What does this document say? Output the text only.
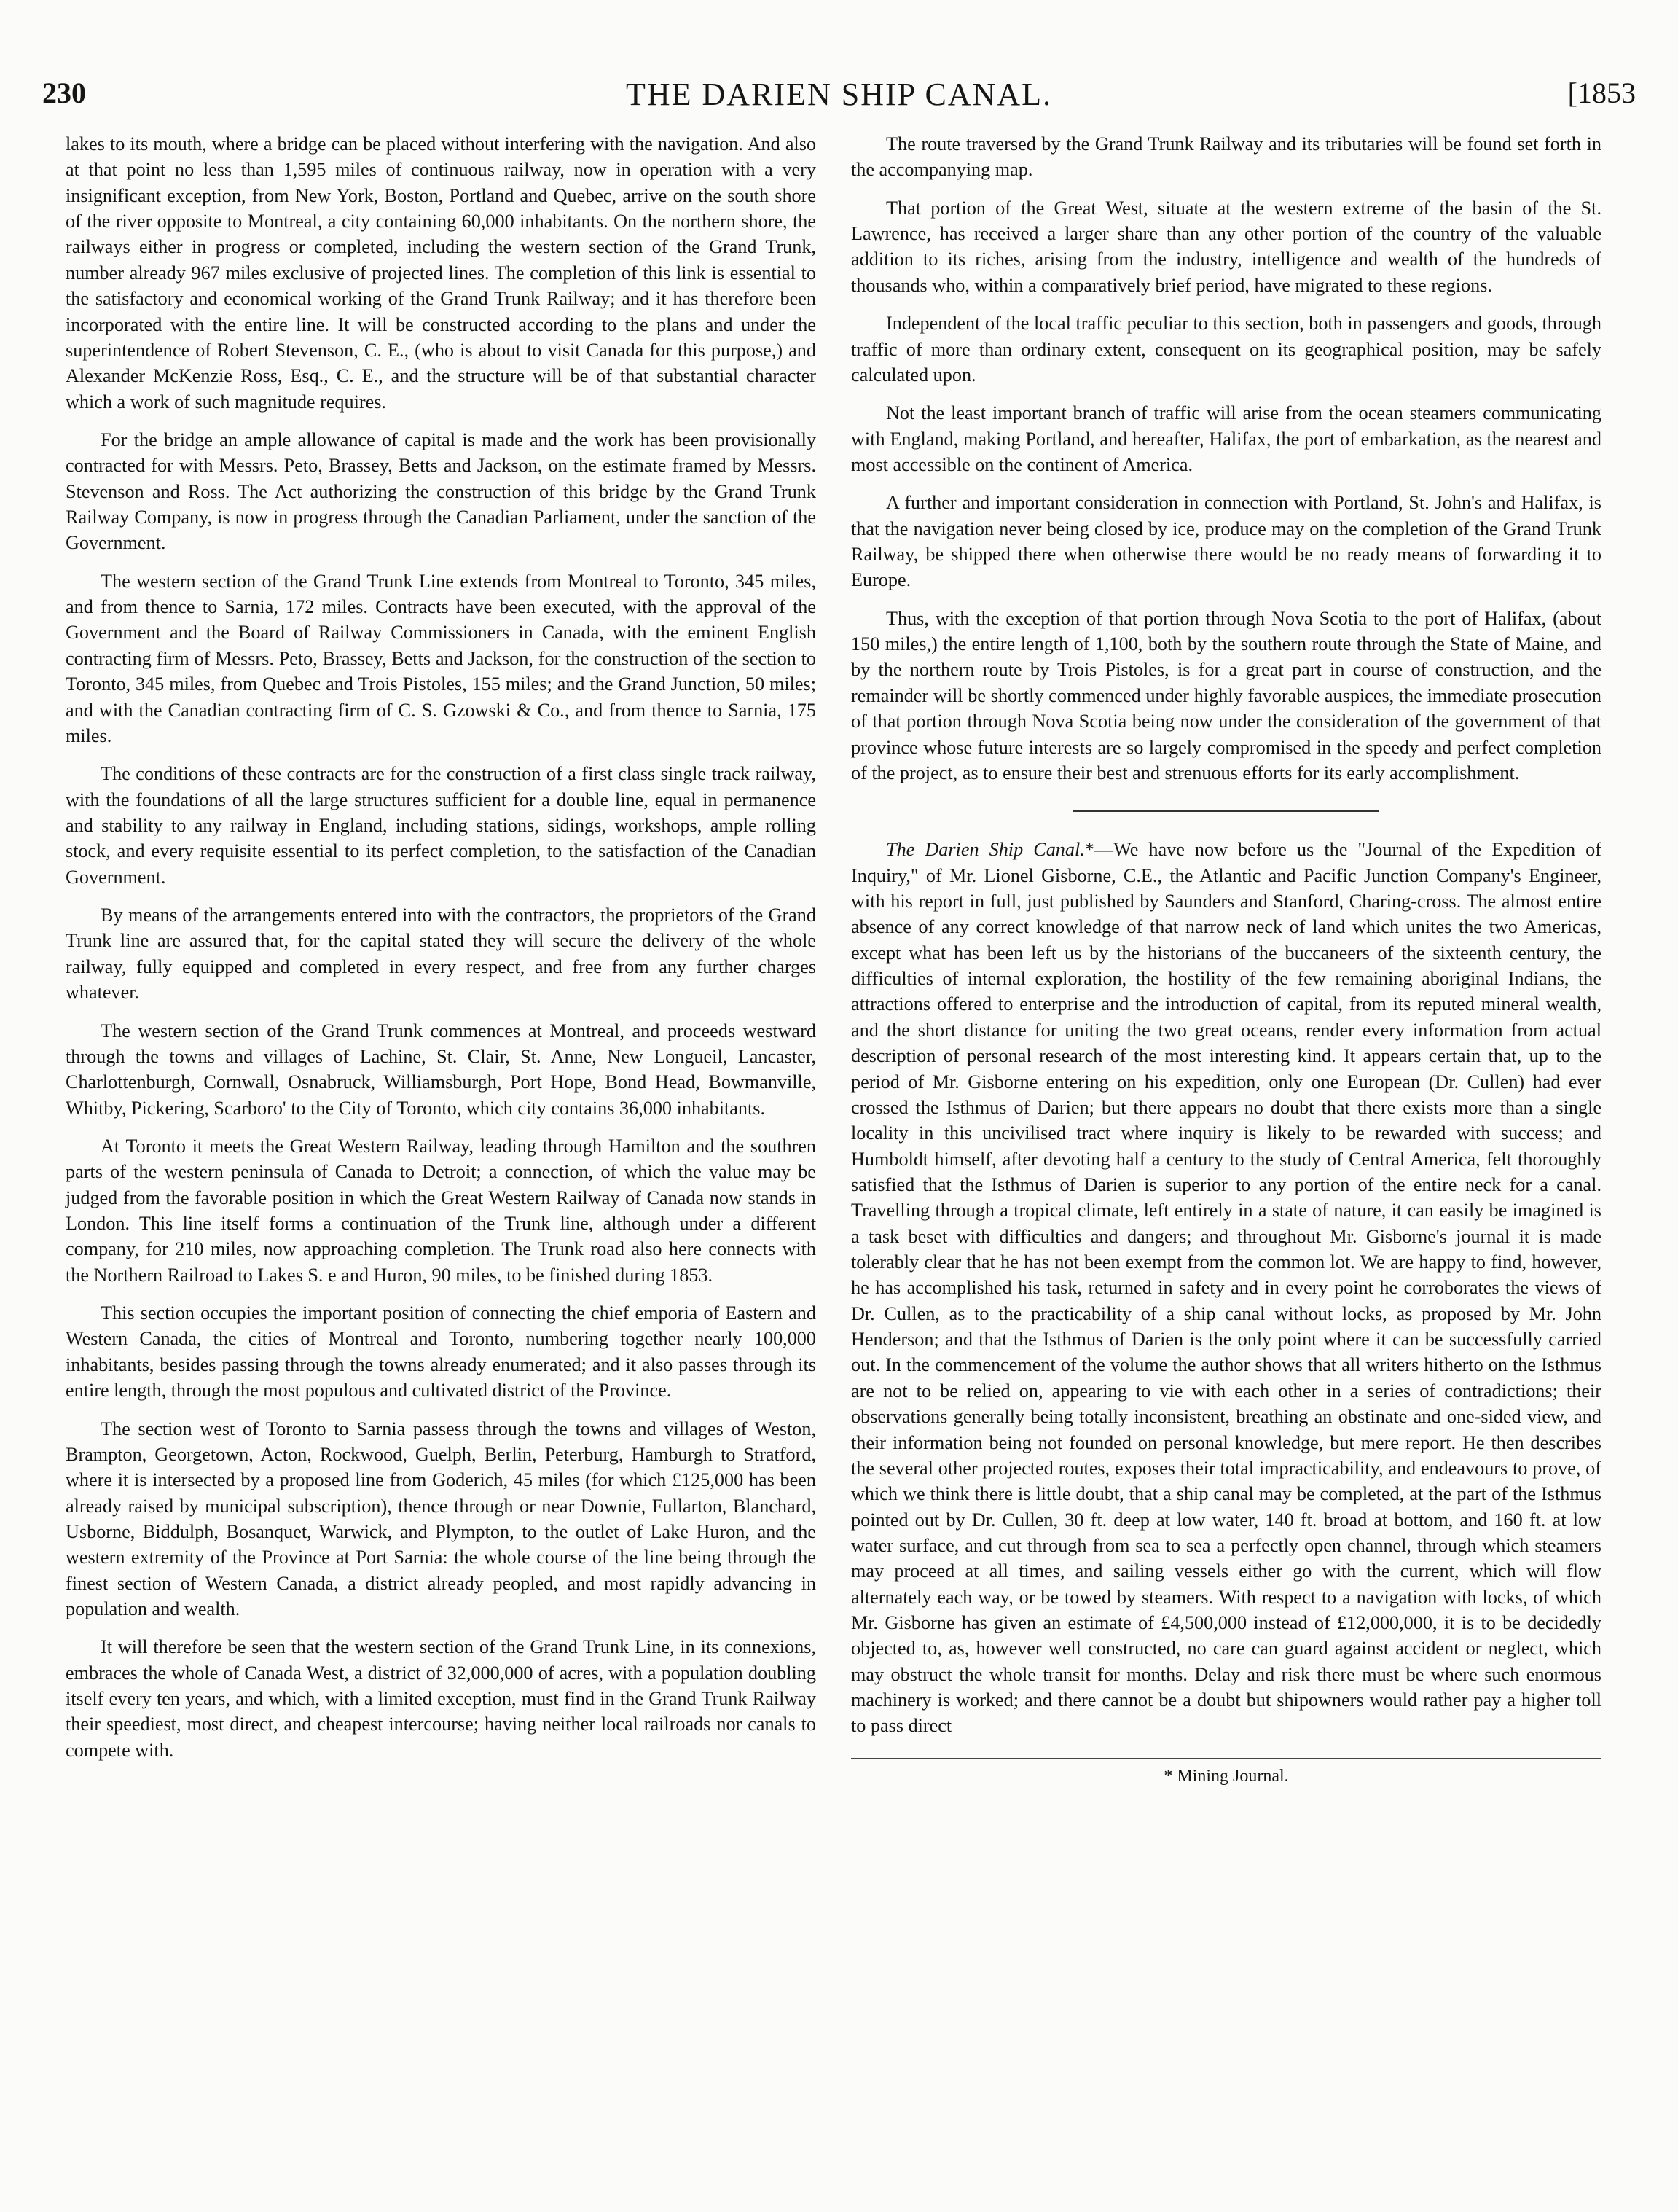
230	THE DARIEN SHIP CANAL.	[1853

lakes to its mouth, where a bridge can be placed without interfering with the navigation. And also at that point no less than 1,595 miles of continuous railway, now in operation with a very insignificant exception, from New York, Boston, Portland and Quebec, arrive on the south shore of the river opposite to Montreal, a city containing 60,000 inhabitants. On the northern shore, the railways either in progress or completed, including the western section of the Grand Trunk, number already 967 miles exclusive of projected lines. The completion of this link is essential to the satisfactory and economical working of the Grand Trunk Railway; and it has therefore been incorporated with the entire line. It will be constructed according to the plans and under the superintendence of Robert Stevenson, C. E., (who is about to visit Canada for this purpose,) and Alexander McKenzie Ross, Esq., C. E., and the structure will be of that substantial character which a work of such magnitude requires.

For the bridge an ample allowance of capital is made and the work has been provisionally contracted for with Messrs. Peto, Brassey, Betts and Jackson, on the estimate framed by Messrs. Stevenson and Ross. The Act authorizing the construction of this bridge by the Grand Trunk Railway Company, is now in progress through the Canadian Parliament, under the sanction of the Government.

The western section of the Grand Trunk Line extends from Montreal to Toronto, 345 miles, and from thence to Sarnia, 172 miles. Contracts have been executed, with the approval of the Government and the Board of Railway Commissioners in Canada, with the eminent English contracting firm of Messrs. Peto, Brassey, Betts and Jackson, for the construction of the section to Toronto, 345 miles, from Quebec and Trois Pistoles, 155 miles; and the Grand Junction, 50 miles; and with the Canadian contracting firm of C. S. Gzowski & Co., and from thence to Sarnia, 175 miles.

The conditions of these contracts are for the construction of a first class single track railway, with the foundations of all the large structures sufficient for a double line, equal in permanence and stability to any railway in England, including stations, sidings, workshops, ample rolling stock, and every requisite essential to its perfect completion, to the satisfaction of the Canadian Government.

By means of the arrangements entered into with the contractors, the proprietors of the Grand Trunk line are assured that, for the capital stated they will secure the delivery of the whole railway, fully equipped and completed in every respect, and free from any further charges whatever.

The western section of the Grand Trunk commences at Montreal, and proceeds westward through the towns and villages of Lachine, St. Clair, St. Anne, New Longueil, Lancaster, Charlottenburgh, Cornwall, Osnabruck, Williamsburgh, Port Hope, Bond Head, Bowmanville, Whitby, Pickering, Scarboro' to the City of Toronto, which city contains 36,000 inhabitants.

At Toronto it meets the Great Western Railway, leading through Hamilton and the southren parts of the western peninsula of Canada to Detroit; a connection, of which the value may be judged from the favorable position in which the Great Western Railway of Canada now stands in London. This line itself forms a continuation of the Trunk line, although under a different company, for 210 miles, now approaching completion. The Trunk road also here connects with the Northern Railroad to Lakes S. e and Huron, 90 miles, to be finished during 1853.

This section occupies the important position of connecting the chief emporia of Eastern and Western Canada, the cities of Montreal and Toronto, numbering together nearly 100,000 inhabitants, besides passing through the towns already enumerated; and it also passes through its entire length, through the most populous and cultivated district of the Province.

The section west of Toronto to Sarnia passess through the towns and villages of Weston, Brampton, Georgetown, Acton, Rockwood, Guelph, Berlin, Peterburg, Hamburgh to Stratford, where it is intersected by a proposed line from Goderich, 45 miles (for which £125,000 has been already raised by municipal subscription), thence through or near Downie, Fullarton, Blanchard, Usborne, Biddulph, Bosanquet, Warwick, and Plympton, to the outlet of Lake Huron, and the western extremity of the Province at Port Sarnia: the whole course of the line being through the finest section of Western Canada, a district already peopled, and most rapidly advancing in population and wealth.

It will therefore be seen that the western section of the Grand Trunk Line, in its connexions, embraces the whole of Canada West, a district of 32,000,000 of acres, with a population doubling itself every ten years, and which, with a limited exception, must find in the Grand Trunk Railway their speediest, most direct, and cheapest intercourse; having neither local railroads nor canals to compete with.

The route traversed by the Grand Trunk Railway and its tributaries will be found set forth in the accompanying map.

That portion of the Great West, situate at the western extreme of the basin of the St. Lawrence, has received a larger share than any other portion of the country of the valuable addition to its riches, arising from the industry, intelligence and wealth of the hundreds of thousands who, within a comparatively brief period, have migrated to these regions.

Independent of the local traffic peculiar to this section, both in passengers and goods, through traffic of more than ordinary extent, consequent on its geographical position, may be safely calculated upon.

Not the least important branch of traffic will arise from the ocean steamers communicating with England, making Portland, and hereafter, Halifax, the port of embarkation, as the nearest and most accessible on the continent of America.

A further and important consideration in connection with Portland, St. John's and Halifax, is that the navigation never being closed by ice, produce may on the completion of the Grand Trunk Railway, be shipped there when otherwise there would be no ready means of forwarding it to Europe.

Thus, with the exception of that portion through Nova Scotia to the port of Halifax, (about 150 miles,) the entire length of 1,100, both by the southern route through the State of Maine, and by the northern route by Trois Pistoles, is for a great part in course of construction, and the remainder will be shortly commenced under highly favorable auspices, the immediate prosecution of that portion through Nova Scotia being now under the consideration of the government of that province whose future interests are so largely compromised in the speedy and perfect completion of the project, as to ensure their best and strenuous efforts for its early accomplishment.

The Darien Ship Canal.*—We have now before us the "Journal of the Expedition of Inquiry," of Mr. Lionel Gisborne, C.E., the Atlantic and Pacific Junction Company's Engineer, with his report in full, just published by Saunders and Stanford, Charing-cross. The almost entire absence of any correct knowledge of that narrow neck of land which unites the two Americas, except what has been left us by the historians of the buccaneers of the sixteenth century, the difficulties of internal exploration, the hostility of the few remaining aboriginal Indians, the attractions offered to enterprise and the introduction of capital, from its reputed mineral wealth, and the short distance for uniting the two great oceans, render every information from actual description of personal research of the most interesting kind. It appears certain that, up to the period of Mr. Gisborne entering on his expedition, only one European (Dr. Cullen) had ever crossed the Isthmus of Darien; but there appears no doubt that there exists more than a single locality in this uncivilised tract where inquiry is likely to be rewarded with success; and Humboldt himself, after devoting half a century to the study of Central America, felt thoroughly satisfied that the Isthmus of Darien is superior to any portion of the entire neck for a canal. Travelling through a tropical climate, left entirely in a state of nature, it can easily be imagined is a task beset with difficulties and dangers; and throughout Mr. Gisborne's journal it is made tolerably clear that he has not been exempt from the common lot. We are happy to find, however, he has accomplished his task, returned in safety and in every point he corroborates the views of Dr. Cullen, as to the practicability of a ship canal without locks, as proposed by Mr. John Henderson; and that the Isthmus of Darien is the only point where it can be successfully carried out. In the commencement of the volume the author shows that all writers hitherto on the Isthmus are not to be relied on, appearing to vie with each other in a series of contradictions; their observations generally being totally inconsistent, breathing an obstinate and one-sided view, and their information being not founded on personal knowledge, but mere report. He then describes the several other projected routes, exposes their total impracticability, and endeavours to prove, of which we think there is little doubt, that a ship canal may be completed, at the part of the Isthmus pointed out by Dr. Cullen, 30 ft. deep at low water, 140 ft. broad at bottom, and 160 ft. at low water surface, and cut through from sea to sea a perfectly open channel, through which steamers may proceed at all times, and sailing vessels either go with the current, which will flow alternately each way, or be towed by steamers. With respect to a navigation with locks, of which Mr. Gisborne has given an estimate of £4,500,000 instead of £12,000,000, it is to be decidedly objected to, as, however well constructed, no care can guard against accident or neglect, which may obstruct the whole transit for months. Delay and risk there must be where such enormous machinery is worked; and there cannot be a doubt but shipowners would rather pay a higher toll to pass direct

* Mining Journal.
